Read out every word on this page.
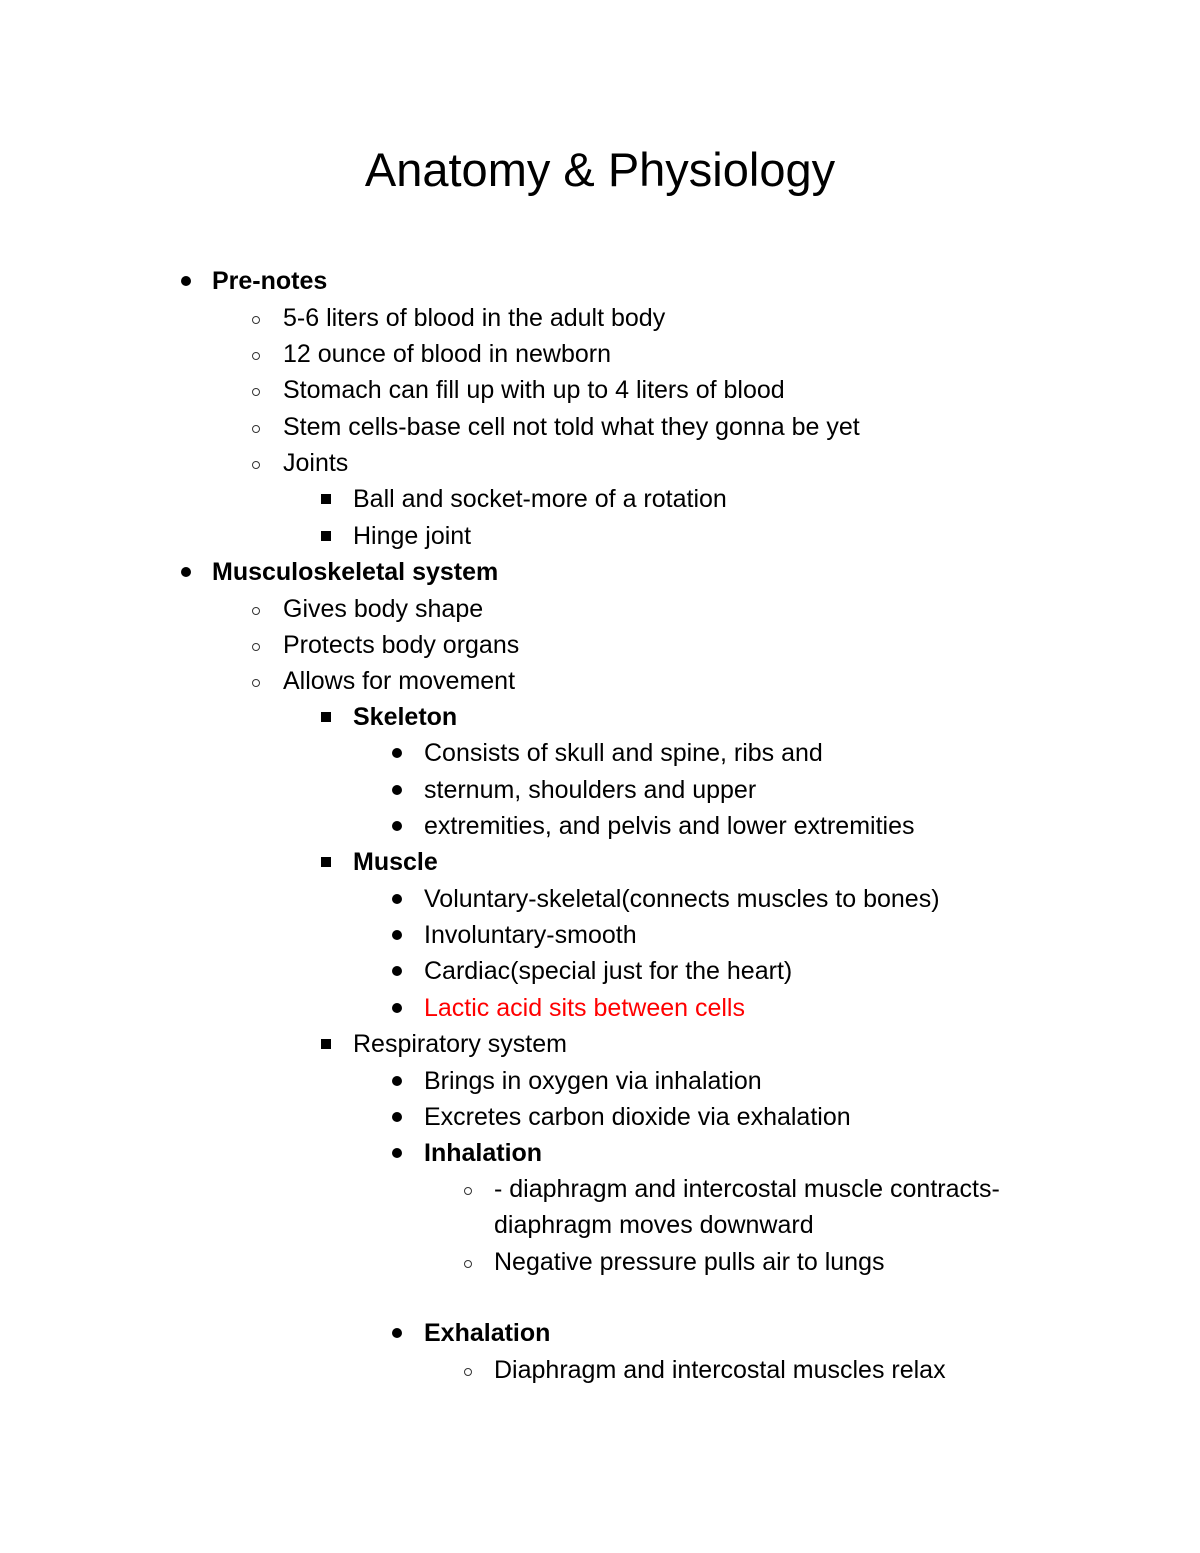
Anatomy & Physiology
Pre-notes
5-6 liters of blood in the adult body
12 ounce of blood in newborn
Stomach can fill up with up to 4 liters of blood
Stem cells-base cell not told what they gonna be yet
Joints
Ball and socket-more of a rotation
Hinge joint
Musculoskeletal system
Gives body shape
Protects body organs
Allows for movement
Skeleton
Consists of skull and spine, ribs and
sternum, shoulders and upper
extremities, and pelvis and lower extremities
Muscle
Voluntary-skeletal(connects muscles to bones)
Involuntary-smooth
Cardiac(special just for the heart)
Lactic acid sits between cells
Respiratory system
Brings in oxygen via inhalation
Excretes carbon dioxide via exhalation
Inhalation
- diaphragm and intercostal muscle contracts-
diaphragm moves downward
Negative pressure pulls air to lungs
Exhalation
Diaphragm and intercostal muscles relax
